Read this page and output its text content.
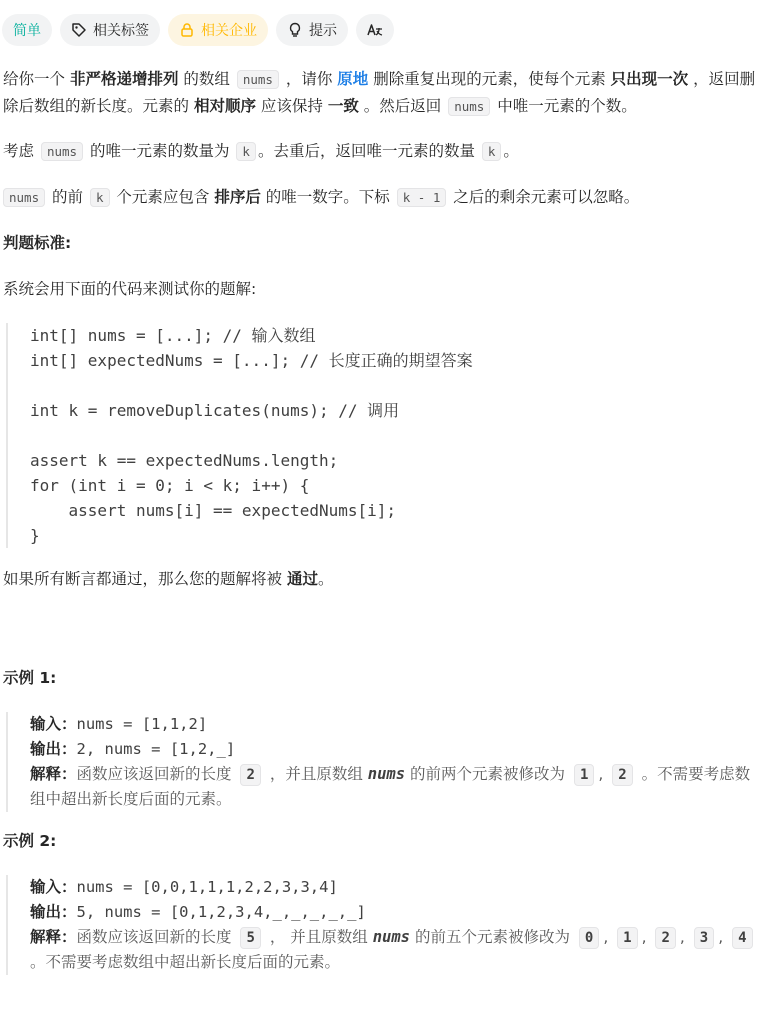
简单	相关标签	相关企业	提示

给你一个 非严格递增排列 的数组 nums ，请你 原地 删除重复出现的元素，使每个元素 只出现一次 ，返回删除后数组的新长度。元素的 相对顺序 应该保持 一致 。然后返回 nums 中唯一元素的个数。

考虑 nums 的唯一元素的数量为 k 。去重后，返回唯一元素的数量 k 。

nums 的前 k 个元素应包含 排序后 的唯一数字。下标 k - 1 之后的剩余元素可以忽略。

判题标准:

系统会用下面的代码来测试你的题解:

int[] nums = [...]; // 输入数组
int[] expectedNums = [...]; // 长度正确的期望答案

int k = removeDuplicates(nums); // 调用

assert k == expectedNums.length;
for (int i = 0; i < k; i++) {
assert nums[i] == expectedNums[i];
}

如果所有断言都通过，那么您的题解将被 通过。

示例 1:

输入：nums = [1,1,2]
输出：2, nums = [1,2,_]
解释：函数应该返回新的长度 2 ，并且原数组 nums 的前两个元素被修改为 1 , 2 。不需要考虑数组中超出新长度后面的元素。

示例 2:

输入：nums = [0,0,1,1,1,2,2,3,3,4]
输出：5, nums = [0,1,2,3,4,_,_,_,_,_]
解释：函数应该返回新的长度 5 ， 并且原数组 nums 的前五个元素被修改为 0 , 1 , 2 , 3 , 4 。不需要考虑数组中超出新长度后面的元素。
